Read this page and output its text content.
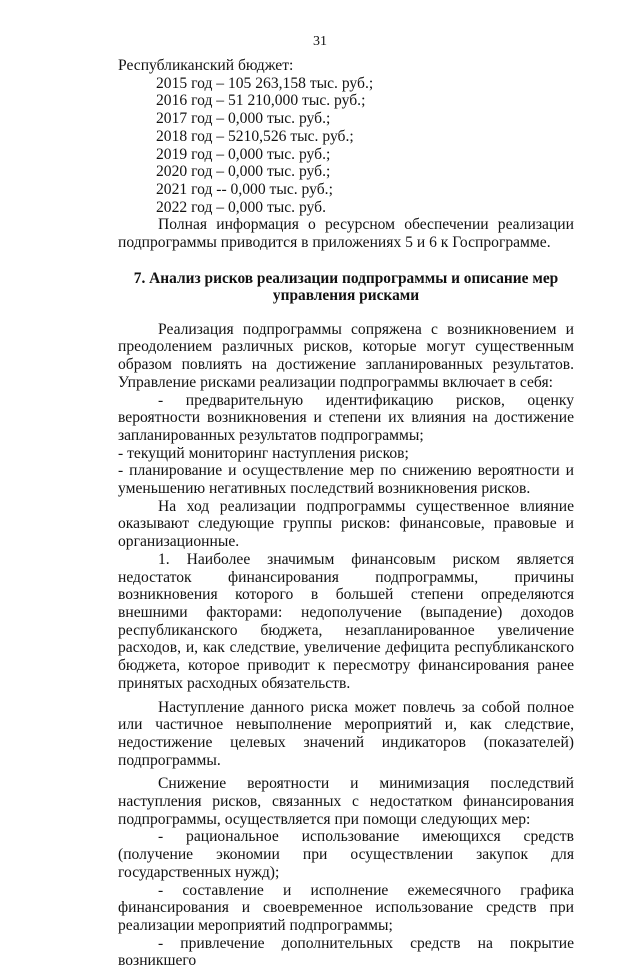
31
Республиканский бюджет:
2015 год – 105 263,158 тыс. руб.;
2016 год – 51 210,000 тыс. руб.;
2017 год – 0,000 тыс. руб.;
2018 год – 5210,526 тыс. руб.;
2019 год – 0,000 тыс. руб.;
2020 год – 0,000 тыс. руб.;
2021 год -- 0,000 тыс. руб.;
2022 год – 0,000 тыс. руб.

Полная информация о ресурсном обеспечении реализации подпрограммы приводится в приложениях 5 и 6 к Госпрограмме.

7. Анализ рисков реализации подпрограммы и описание мер управления рисками

Реализация подпрограммы сопряжена с возникновением и преодолением различных рисков, которые могут существенным образом повлиять на достижение запланированных результатов. Управление рисками реализации подпрограммы включает в себя:

- предварительную идентификацию рисков, оценку вероятности возникновения и степени их влияния на достижение запланированных результатов подпрограммы;

- текущий мониторинг наступления рисков;

- планирование и осуществление мер по снижению вероятности и уменьшению негативных последствий возникновения рисков.

На ход реализации подпрограммы существенное влияние оказывают следующие группы рисков: финансовые, правовые и организационные.

1. Наиболее значимым финансовым риском является недостаток финансирования подпрограммы, причины возникновения которого в большей степени определяются внешними факторами: недополучение (выпадение) доходов республиканского бюджета, незапланированное увеличение расходов, и, как следствие, увеличение дефицита республиканского бюджета, которое приводит к пересмотру финансирования ранее принятых расходных обязательств.

Наступление данного риска может повлечь за собой полное или частичное невыполнение мероприятий и, как следствие, недостижение целевых значений индикаторов (показателей) подпрограммы.

Снижение вероятности и минимизация последствий наступления рисков, связанных с недостатком финансирования подпрограммы, осуществляется при помощи следующих мер:

- рациональное использование имеющихся средств (получение экономии при осуществлении закупок для государственных нужд);

- составление и исполнение ежемесячного графика финансирования и своевременное использование средств при реализации мероприятий подпрограммы;

- привлечение дополнительных средств на покрытие возникшего
